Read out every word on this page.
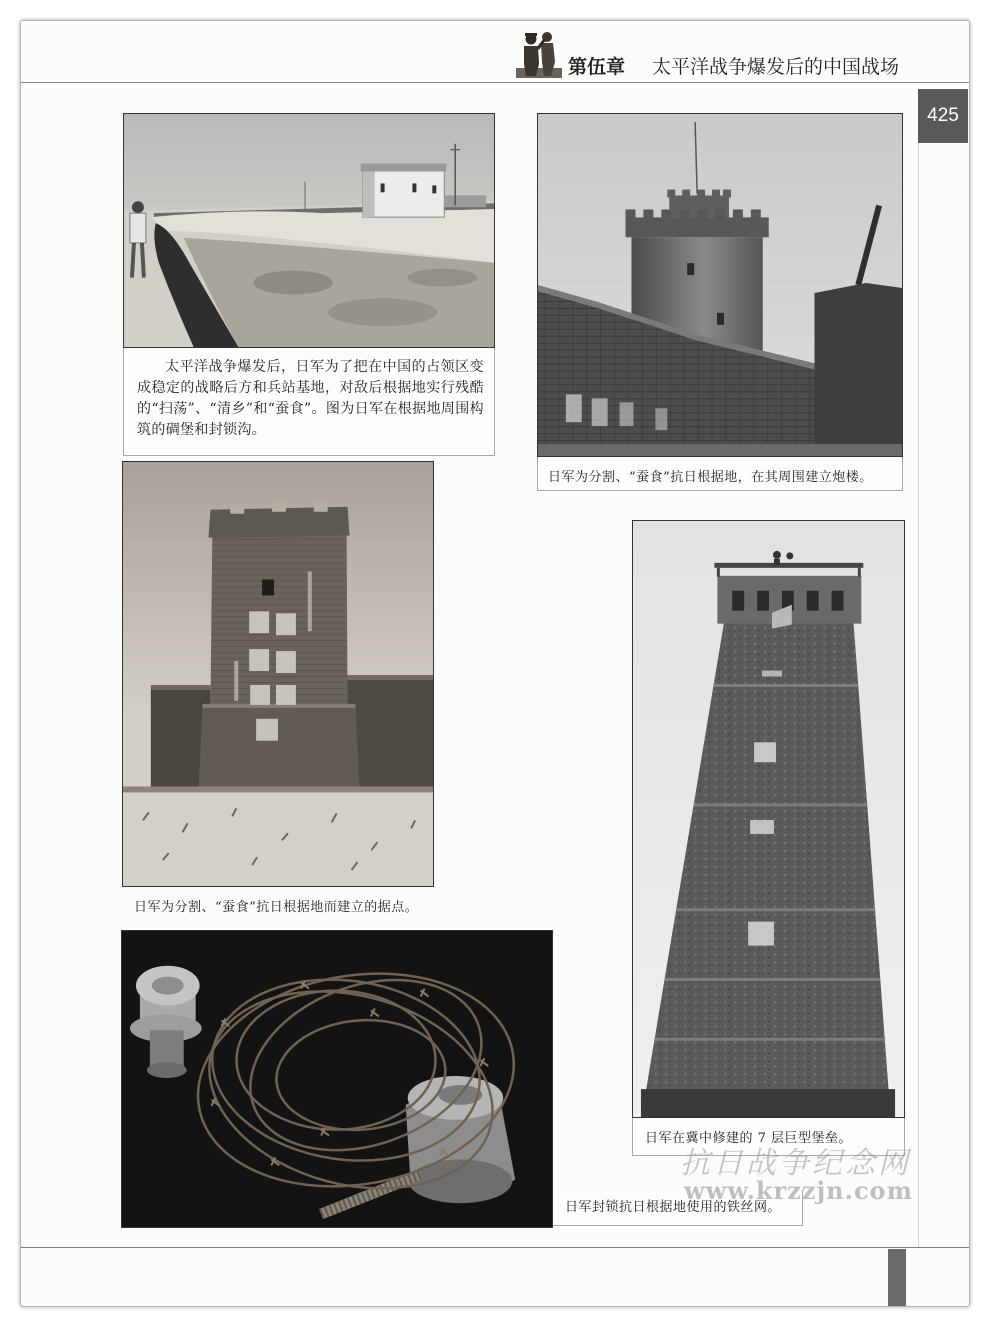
第伍章 太平洋战争爆发后的中国战场
425
太平洋战争爆发后，日军为了把在中国的占领区变成稳定的战略后方和兵站基地，对敌后根据地实行残酷的“扫荡”、“清乡”和“蚕食”。图为日军在根据地周围构筑的碉堡和封锁沟。
日军为分割、“蚕食”抗日根据地，在其周围建立炮楼。
日军为分割、“蚕食”抗日根据地而建立的据点。
日军在冀中修建的 7 层巨型堡垒。
日军封锁抗日根据地使用的铁丝网。
抗日战争纪念网
www.krzzjn.com
